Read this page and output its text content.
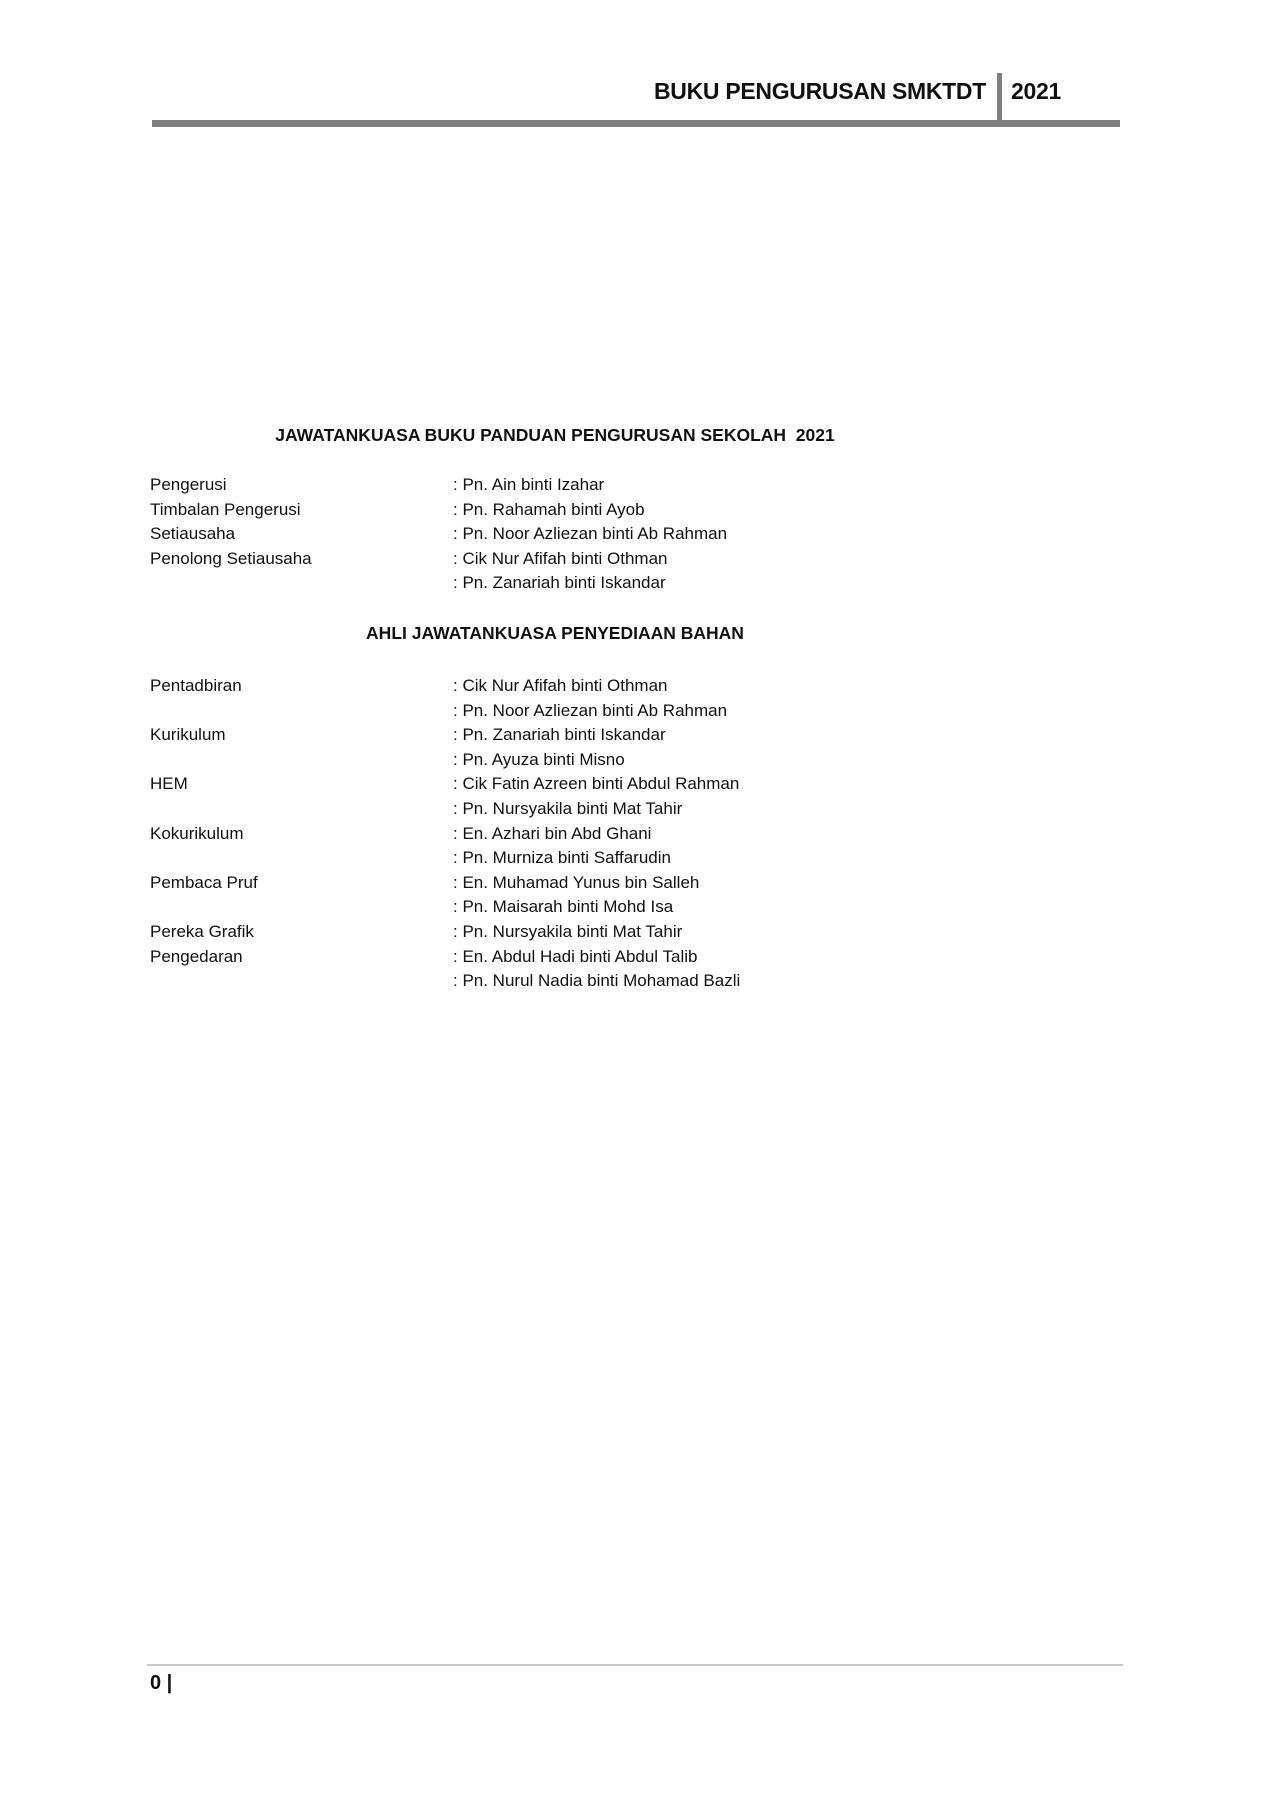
BUKU PENGURUSAN SMKTDT 2021
JAWATANKUASA BUKU PANDUAN PENGURUSAN SEKOLAH  2021
Pengerusi	: Pn. Ain binti Izahar
Timbalan Pengerusi	: Pn. Rahamah binti Ayob
Setiausaha	: Pn. Noor Azliezan binti Ab Rahman
Penolong Setiausaha	: Cik Nur Afifah binti Othman
: Pn. Zanariah binti Iskandar
AHLI JAWATANKUASA PENYEDIAAN BAHAN
Pentadbiran	: Cik Nur Afifah binti Othman
: Pn. Noor Azliezan binti Ab Rahman
Kurikulum	: Pn. Zanariah binti Iskandar
: Pn. Ayuza binti Misno
HEM	: Cik Fatin Azreen binti Abdul Rahman
: Pn. Nursyakila binti Mat Tahir
Kokurikulum	: En. Azhari bin Abd Ghani
: Pn. Murniza binti Saffarudin
Pembaca Pruf	: En. Muhamad Yunus bin Salleh
: Pn. Maisarah binti Mohd Isa
Pereka Grafik	: Pn. Nursyakila binti Mat Tahir
Pengedaran	: En. Abdul Hadi binti Abdul Talib
: Pn. Nurul Nadia binti Mohamad Bazli
0 |
